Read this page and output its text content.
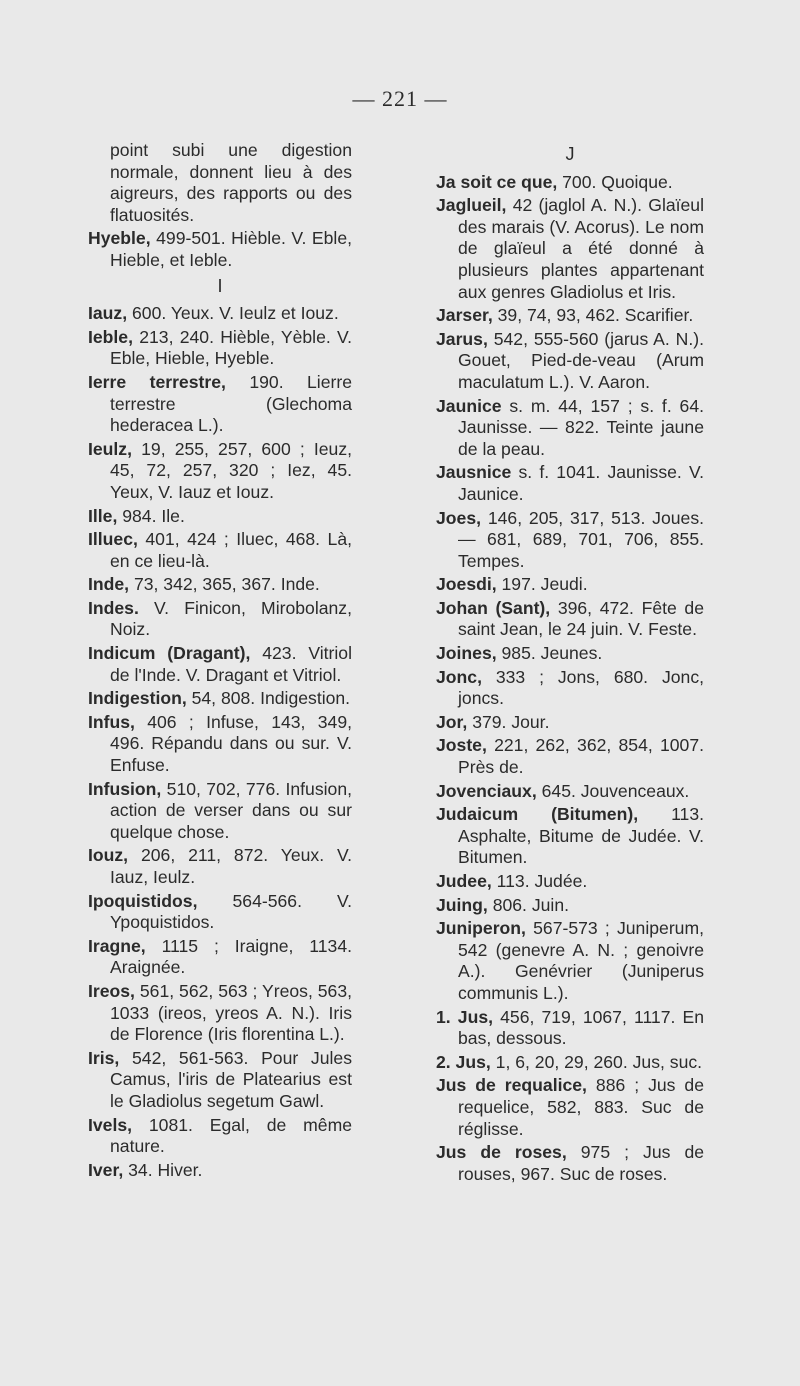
— 221 —
point subi une digestion normale, donnent lieu à des aigreurs, des rapports ou des flatuosités.
Hyeble, 499-501. Hièble. V. Eble, Hieble, et Ieble.
I
Iauz, 600. Yeux. V. Ieulz et Iouz.
Ieble, 213, 240. Hièble, Yèble. V. Eble, Hieble, Hyeble.
Ierre terrestre, 190. Lierre terrestre (Glechoma hederacea L.).
Ieulz, 19, 255, 257, 600 ; Ieuz, 45, 72, 257, 320 ; Iez, 45. Yeux, V. Iauz et Iouz.
Ille, 984. Ile.
Illuec, 401, 424 ; Iluec, 468. Là, en ce lieu-là.
Inde, 73, 342, 365, 367. Inde.
Indes. V. Finicon, Mirobolanz, Noiz.
Indicum (Dragant), 423. Vitriol de l'Inde. V. Dragant et Vitriol.
Indigestion, 54, 808. Indigestion.
Infus, 406 ; Infuse, 143, 349, 496. Répandu dans ou sur. V. Enfuse.
Infusion, 510, 702, 776. Infusion, action de verser dans ou sur quelque chose.
Iouz, 206, 211, 872. Yeux. V. Iauz, Ieulz.
Ipoquistidos, 564-566. V. Ypoquistidos.
Iragne, 1115 ; Iraigne, 1134. Araignée.
Ireos, 561, 562, 563 ; Yreos, 563, 1033 (ireos, yreos A. N.). Iris de Florence (Iris florentina L.).
Iris, 542, 561-563. Pour Jules Camus, l'iris de Platearius est le Gladiolus segetum Gawl.
Ivels, 1081. Egal, de même nature.
Iver, 34. Hiver.
J
Ja soit ce que, 700. Quoique.
Jaglueil, 42 (jaglol A. N.). Glaïeul des marais (V. Acorus). Le nom de glaïeul a été donné à plusieurs plantes appartenant aux genres Gladiolus et Iris.
Jarser, 39, 74, 93, 462. Scarifier.
Jarus, 542, 555-560 (jarus A. N.). Gouet, Pied-de-veau (Arum maculatum L.). V. Aaron.
Jaunice s. m. 44, 157 ; s. f. 64. Jaunisse. — 822. Teinte jaune de la peau.
Jausnice s. f. 1041. Jaunisse. V. Jaunice.
Joes, 146, 205, 317, 513. Joues. — 681, 689, 701, 706, 855. Tempes.
Joesdi, 197. Jeudi.
Johan (Sant), 396, 472. Fête de saint Jean, le 24 juin. V. Feste.
Joines, 985. Jeunes.
Jonc, 333 ; Jons, 680. Jonc, joncs.
Jor, 379. Jour.
Joste, 221, 262, 362, 854, 1007. Près de.
Jovenciaux, 645. Jouvenceaux.
Judaicum (Bitumen), 113. Asphalte, Bitume de Judée. V. Bitumen.
Judee, 113. Judée.
Juing, 806. Juin.
Juniperon, 567-573 ; Juniperum, 542 (genevre A. N. ; genoivre A.). Genévrier (Juniperus communis L.).
1. Jus, 456, 719, 1067, 1117. En bas, dessous.
2. Jus, 1, 6, 20, 29, 260. Jus, suc.
Jus de requalice, 886 ; Jus de requelice, 582, 883. Suc de réglisse.
Jus de roses, 975 ; Jus de rouses, 967. Suc de roses.
